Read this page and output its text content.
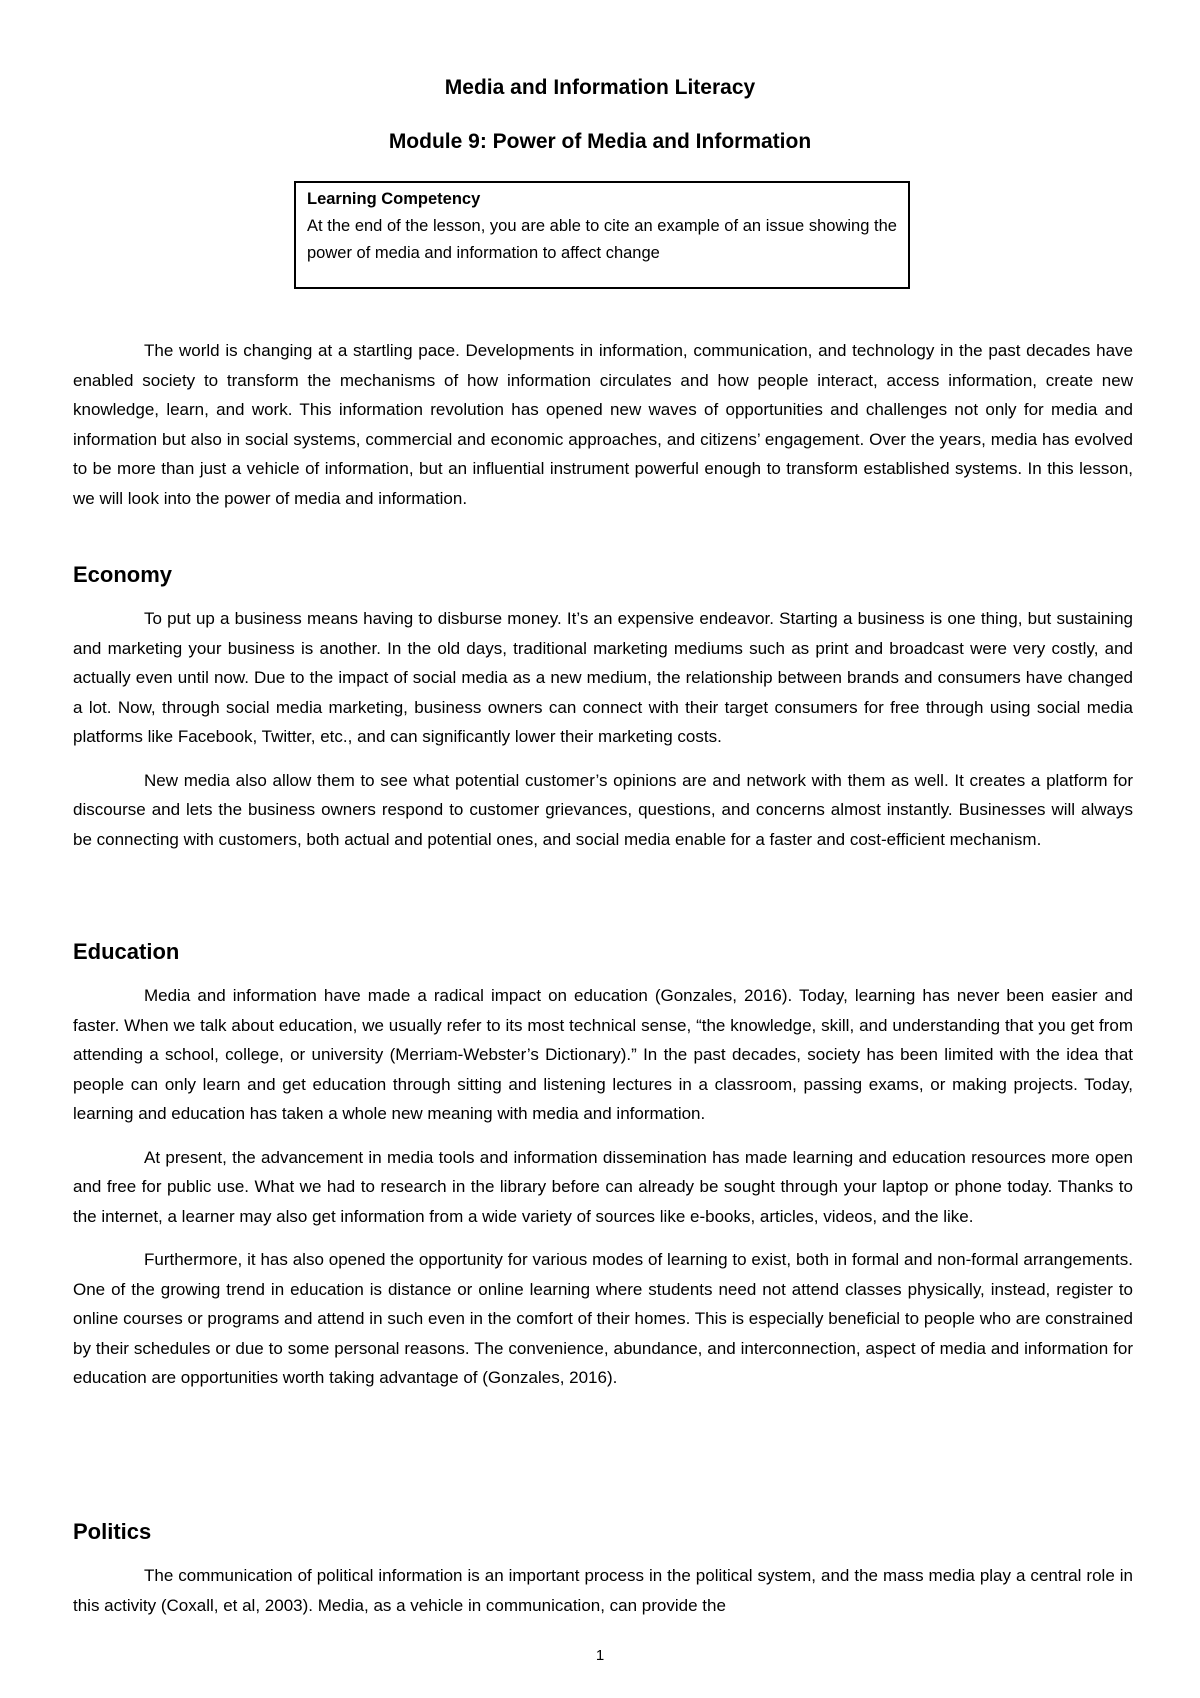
Media and Information Literacy
Module 9: Power of Media and Information
Learning Competency
At the end of the lesson, you are able to cite an example of an issue showing the power of media and information to affect change

The world is changing at a startling pace. Developments in information, communication, and technology in the past decades have enabled society to transform the mechanisms of how information circulates and how people interact, access information, create new knowledge, learn, and work. This information revolution has opened new waves of opportunities and challenges not only for media and information but also in social systems, commercial and economic approaches, and citizens’ engagement. Over the years, media has evolved to be more than just a vehicle of information, but an influential instrument powerful enough to transform established systems. In this lesson, we will look into the power of media and information.

Economy

To put up a business means having to disburse money. It’s an expensive endeavor. Starting a business is one thing, but sustaining and marketing your business is another. In the old days, traditional marketing mediums such as print and broadcast were very costly, and actually even until now. Due to the impact of social media as a new medium, the relationship between brands and consumers have changed a lot. Now, through social media marketing, business owners can connect with their target consumers for free through using social media platforms like Facebook, Twitter, etc., and can significantly lower their marketing costs.

New media also allow them to see what potential customer’s opinions are and network with them as well. It creates a platform for discourse and lets the business owners respond to customer grievances, questions, and concerns almost instantly. Businesses will always be connecting with customers, both actual and potential ones, and social media enable for a faster and cost-efficient mechanism.

Education

Media and information have made a radical impact on education (Gonzales, 2016). Today, learning has never been easier and faster. When we talk about education, we usually refer to its most technical sense, “the knowledge, skill, and understanding that you get from attending a school, college, or university (Merriam-Webster’s Dictionary).” In the past decades, society has been limited with the idea that people can only learn and get education through sitting and listening lectures in a classroom, passing exams, or making projects. Today, learning and education has taken a whole new meaning with media and information.

At present, the advancement in media tools and information dissemination has made learning and education resources more open and free for public use. What we had to research in the library before can already be sought through your laptop or phone today. Thanks to the internet, a learner may also get information from a wide variety of sources like e-books, articles, videos, and the like.

Furthermore, it has also opened the opportunity for various modes of learning to exist, both in formal and non-formal arrangements. One of the growing trend in education is distance or online learning where students need not attend classes physically, instead, register to online courses or programs and attend in such even in the comfort of their homes. This is especially beneficial to people who are constrained by their schedules or due to some personal reasons. The convenience, abundance, and interconnection, aspect of media and information for education are opportunities worth taking advantage of (Gonzales, 2016).

Politics

The communication of political information is an important process in the political system, and the mass media play a central role in this activity (Coxall, et al, 2003). Media, as a vehicle in communication, can provide the

1
